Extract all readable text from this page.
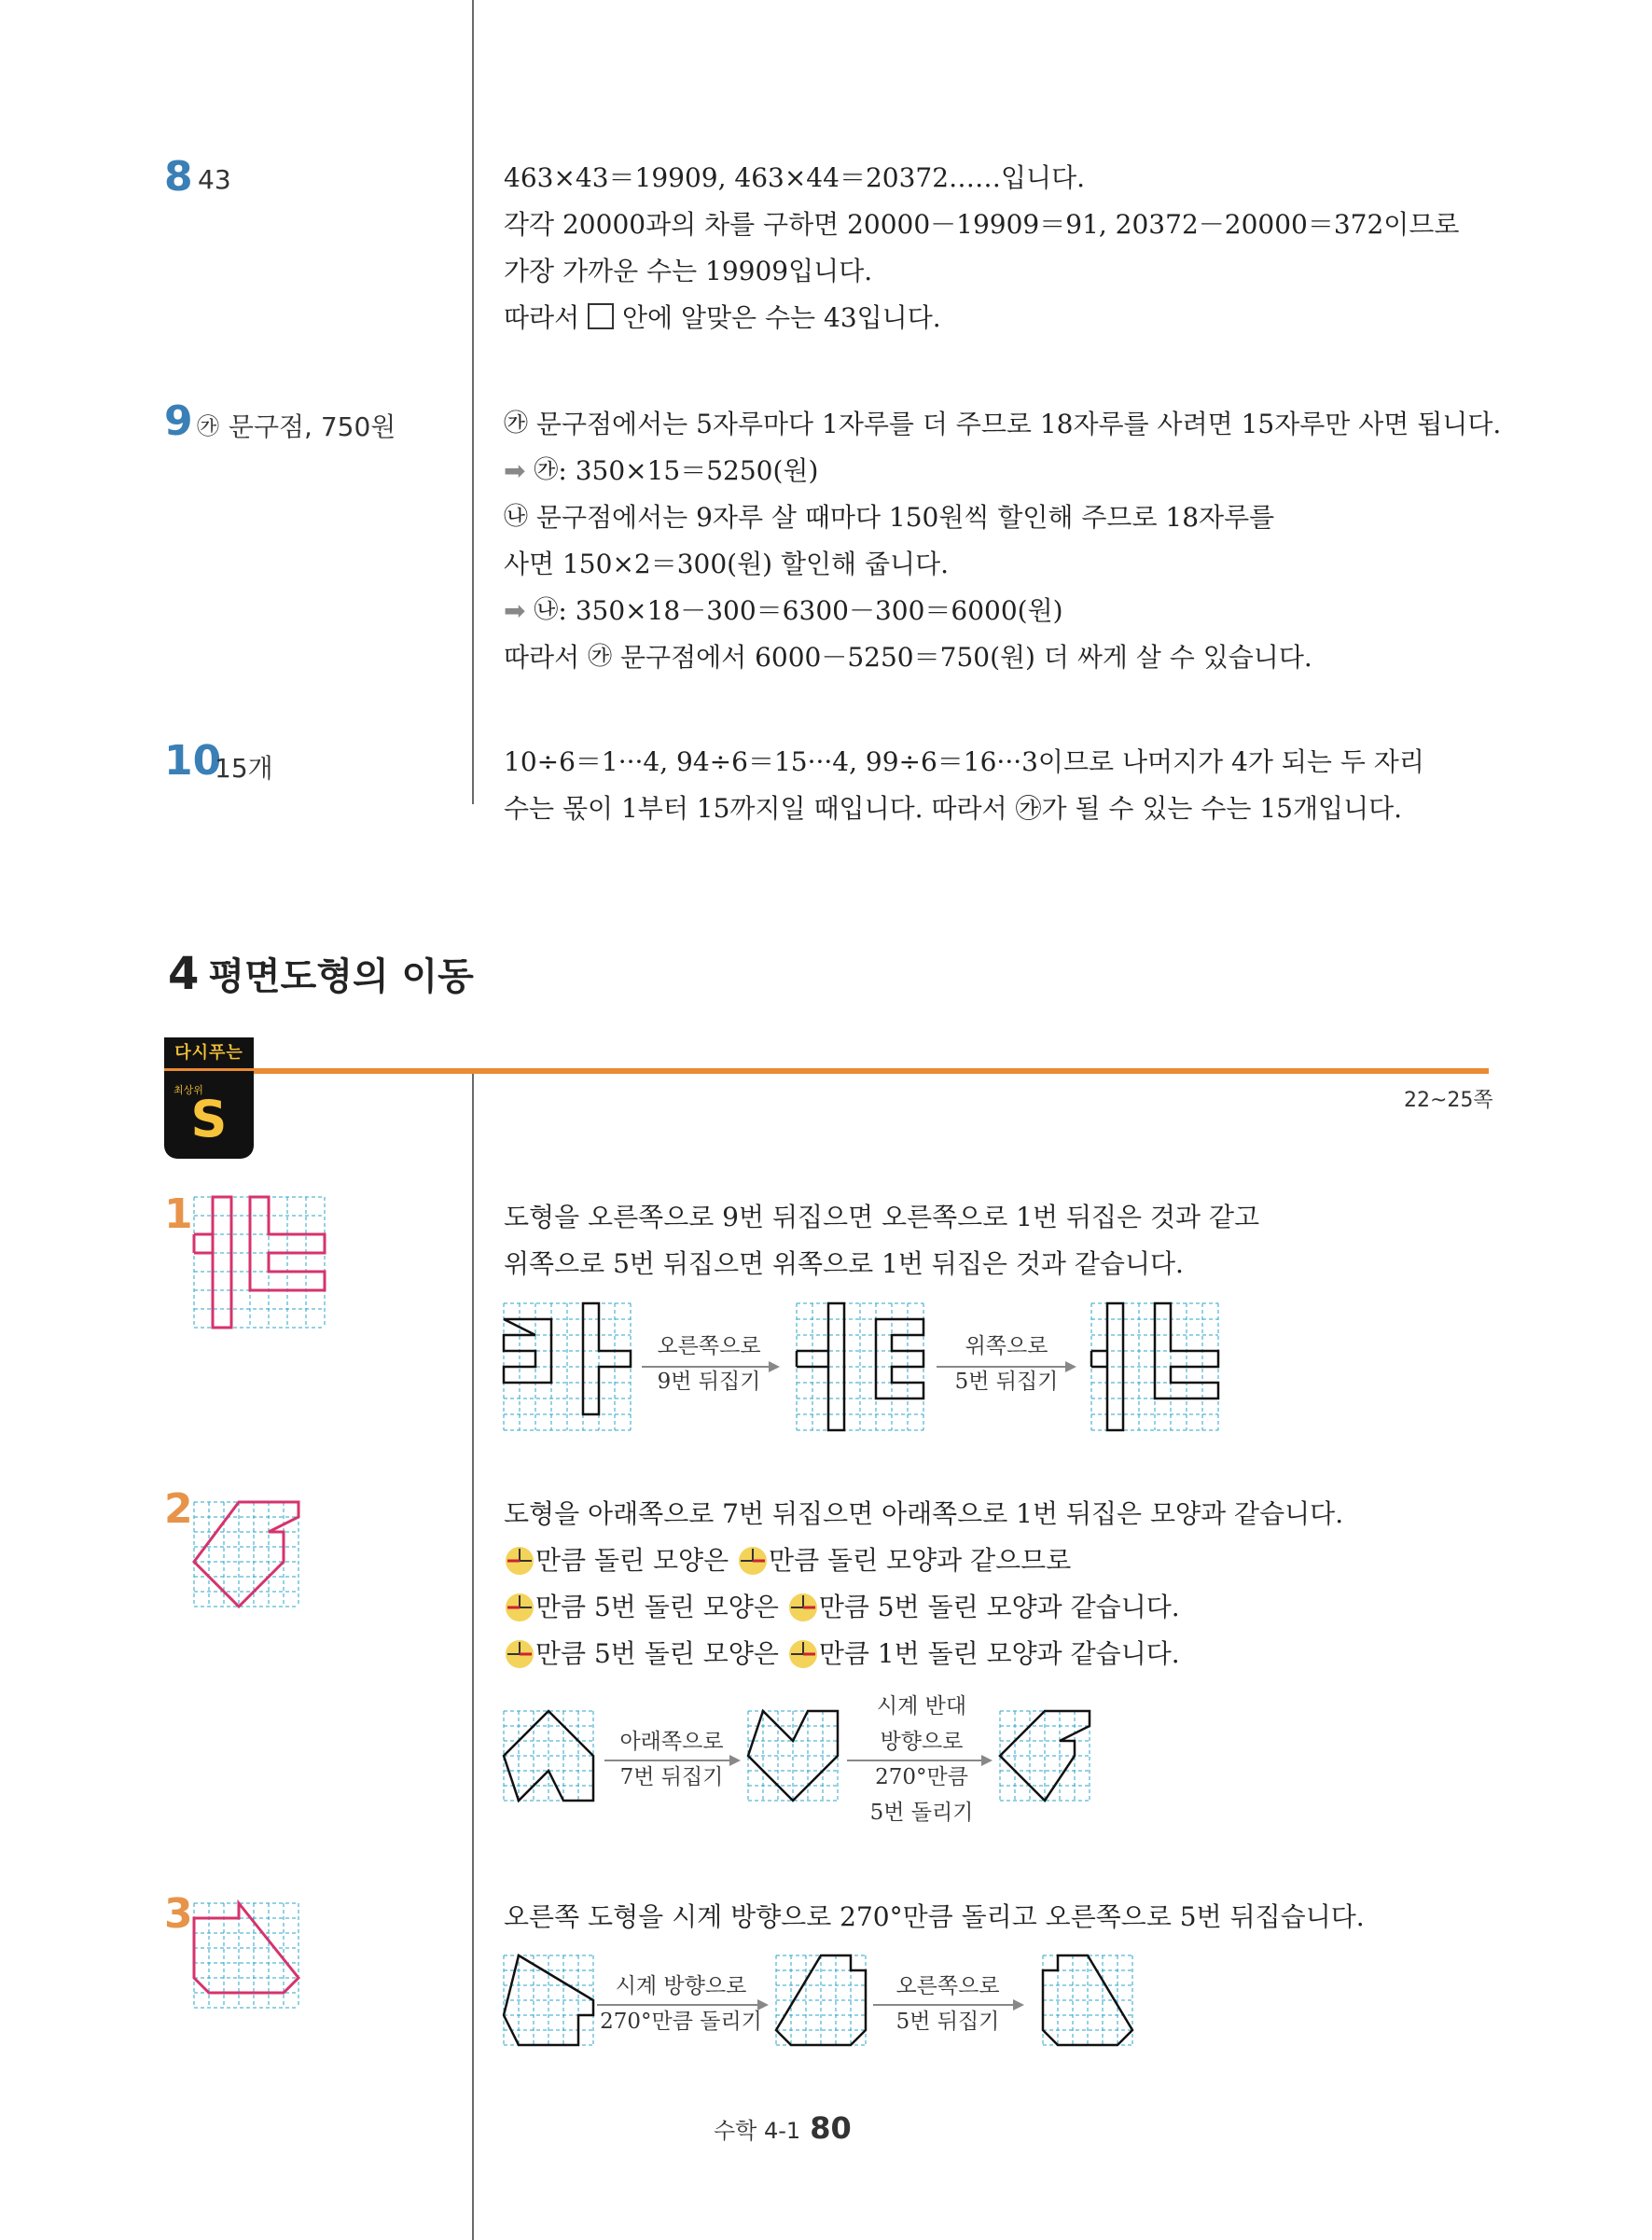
8 43	463×43＝19909, 463×44＝20372……입니다.
각각 20000과의 차를 구하면 20000－19909＝91, 20372－20000＝372이므로
가장 가까운 수는 19909입니다.
따라서 안에 알맞은 수는 43입니다.
9 ㉮ 문구점, 750원	㉮ 문구점에서는 5자루마다 1자루를 더 주므로 18자루를 사려면 15자루만 사면 됩니다.
➡ ㉮: 350×15＝5250(원)
㉯ 문구점에서는 9자루 살 때마다 150원씩 할인해 주므로 18자루를
사면 150×2＝300(원) 할인해 줍니다.
➡ ㉯: 350×18－300＝6300－300＝6000(원)
따라서 ㉮ 문구점에서 6000－5250＝750(원) 더 싸게 살 수 있습니다.
10
15개	10÷6＝1···4, 94÷6＝15···4, 99÷6＝16···3이므로 나머지가 4가 되는 두 자리
수는 몫이 1부터 15까지일 때입니다. 따라서 ㉮가 될 수 있는 수는 15개입니다.
4 평면도형의 이동
다시푸는
최상위
S	22~25쪽
1	도형을 오른쪽으로 9번 뒤집으면 오른쪽으로 1번 뒤집은 것과 같고
위쪽으로 5번 뒤집으면 위쪽으로 1번 뒤집은 것과 같습니다.
오른쪽으로
9번 뒤집기
위쪽으로
5번 뒤집기
2	도형을 아래쪽으로 7번 뒤집으면 아래쪽으로 1번 뒤집은 모양과 같습니다.
만큼 돌린 모양은 만큼 돌린 모양과 같으므로
만큼 5번 돌린 모양은 만큼 5번 돌린 모양과 같습니다.
만큼 5번 돌린 모양은 만큼 1번 돌린 모양과 같습니다.
아래쪽으로
7번 뒤집기
시계 반대
방향으로
270°만큼
5번 돌리기
3	오른쪽 도형을 시계 방향으로 270°만큼 돌리고 오른쪽으로 5번 뒤집습니다.
시계 방향으로
270°만큼 돌리기
오른쪽으로
5번 뒤집기
수학 4-1 80
